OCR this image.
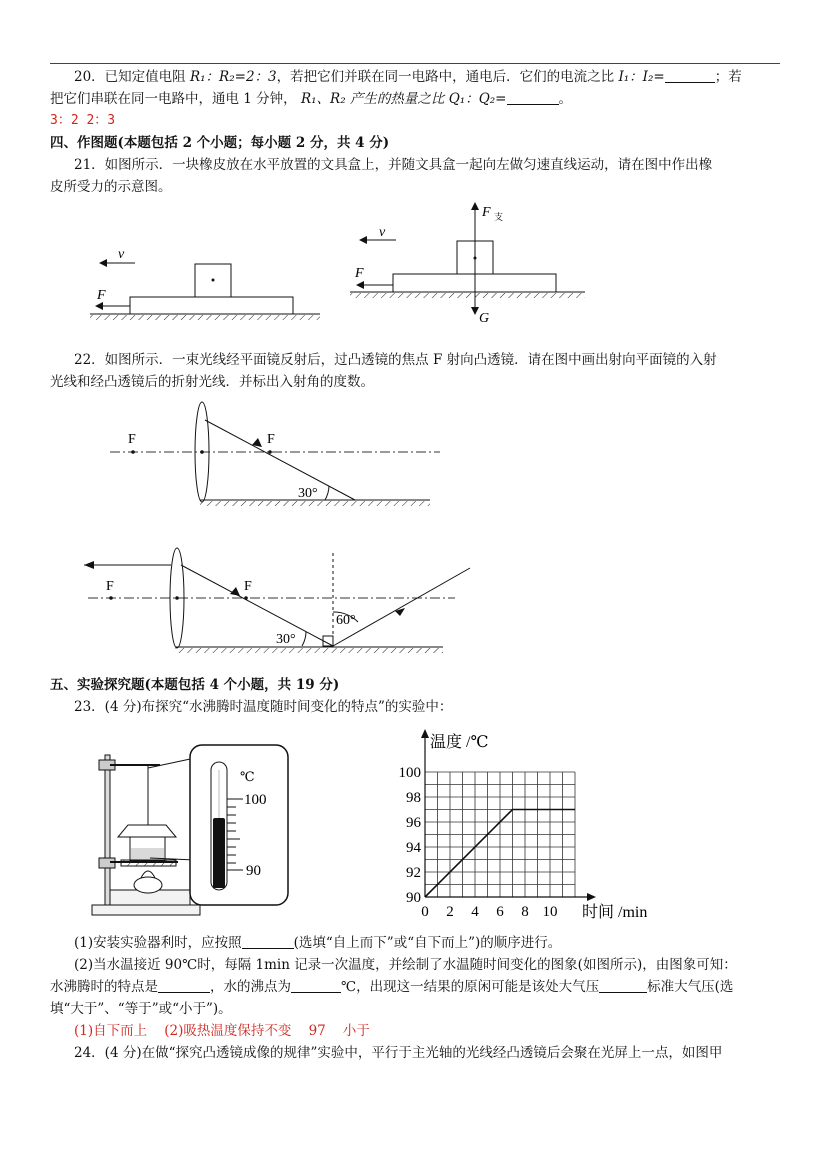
20．已知定值电阻 R₁：R₂=2：3，若把它们并联在同一电路中，通电后．它们的电流之比 I₁：I₂=	；若
把它们串联在同一电路中，通电 1 分钟， R₁、R₂ 产生的热量之比 Q₁：Q₂=	。
3：2 2：3
四、作图题(本题包括 2 个小题；每小题 2 分，共 4 分)
21．如图所示．一块橡皮放在水平放置的文具盒上，并随文具盒一起向左做匀速直线运动，请在图中作出橡
皮所受力的示意图。
v
F
v
F 支
G
F
22．如图所示．一束光线经平面镜反射后，过凸透镜的焦点 F 射向凸透镜．请在图中画出射向平面镜的入射
光线和经凸透镜后的折射光线．并标出入射角的度数。
F	F
30°
F	F
60°
30°
五、实验探究题(本题包括 4 个小题，共 19 分)
23．(4 分)布探究“水沸腾时温度随时间变化的特点”的实验中：
℃
100
90
0 2 4 6 8 10
90
92
94
96
98
100
温度 /℃
时间 /min
(1)安装实验器利时，应按照	(选填“自上而下”或“自下而上”)的顺序进行。
(2)当水温接近 90℃时，每隔 1min 记录一次温度，并绘制了水温随时间变化的图象(如图所示)，由图象可知：
水沸腾时的特点是	，水的沸点为	℃，出现这一结果的原闲可能是该处大气压	标准大气压(选
填“大于”、“等于”或“小于”)。
(1)自下而上    (2)吸热温度保持不变    97    小于
24．(4 分)在做“探究凸透镜成像的规律”实验中，平行于主光轴的光线经凸透镜后会聚在光屏上一点，如图甲
